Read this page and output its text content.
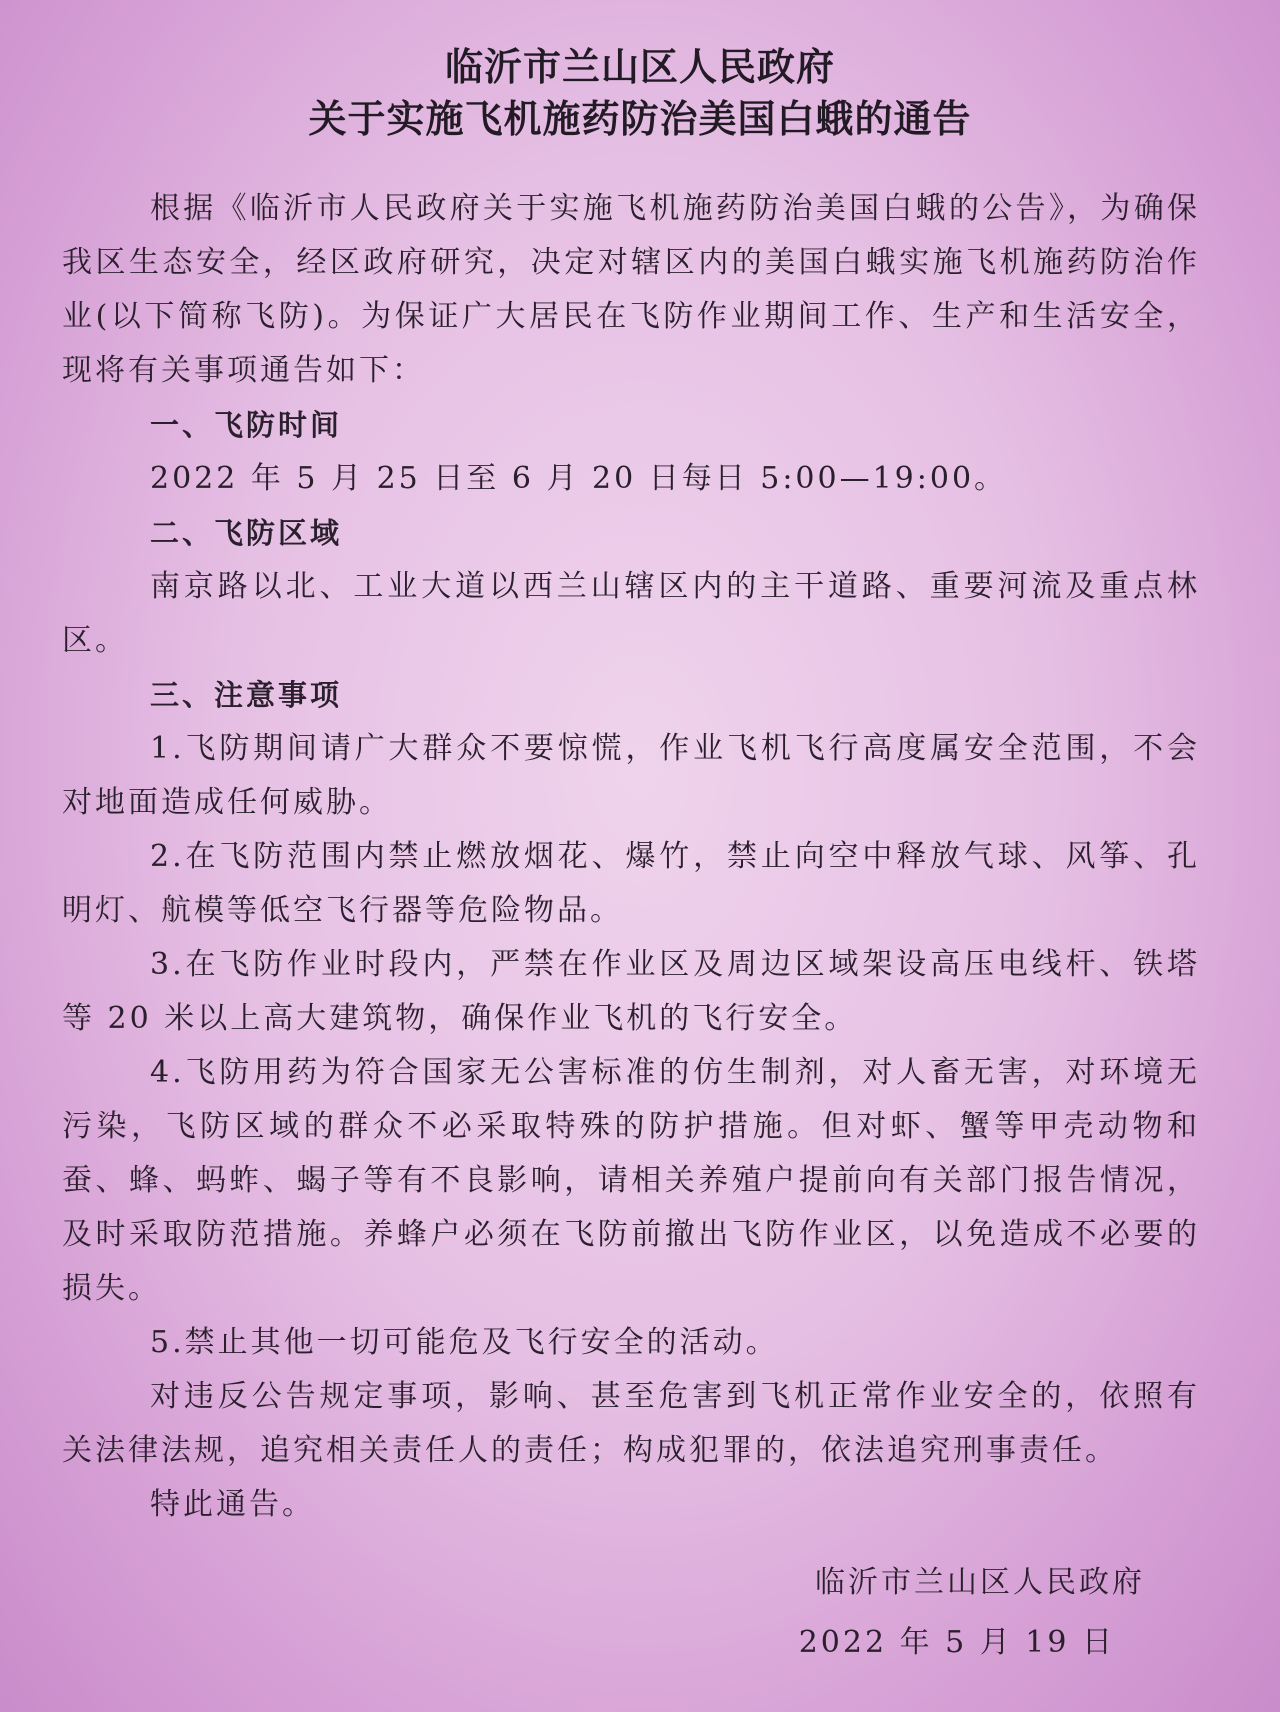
临沂市兰山区人民政府
关于实施飞机施药防治美国白蛾的通告

根据《临沂市人民政府关于实施飞机施药防治美国白蛾的公告》，为确保我区生态安全，经区政府研究，决定对辖区内的美国白蛾实施飞机施药防治作业(以下简称飞防)。为保证广大居民在飞防作业期间工作、生产和生活安全，现将有关事项通告如下：

一、飞防时间

2022 年 5 月 25 日至 6 月 20 日每日 5:00—19:00。

二、飞防区域

南京路以北、工业大道以西兰山辖区内的主干道路、重要河流及重点林区。

三、注意事项

1.飞防期间请广大群众不要惊慌，作业飞机飞行高度属安全范围，不会对地面造成任何威胁。

2.在飞防范围内禁止燃放烟花、爆竹，禁止向空中释放气球、风筝、孔明灯、航模等低空飞行器等危险物品。

3.在飞防作业时段内，严禁在作业区及周边区域架设高压电线杆、铁塔等 20 米以上高大建筑物，确保作业飞机的飞行安全。

4.飞防用药为符合国家无公害标准的仿生制剂，对人畜无害，对环境无污染，飞防区域的群众不必采取特殊的防护措施。但对虾、蟹等甲壳动物和蚕、蜂、蚂蚱、蝎子等有不良影响，请相关养殖户提前向有关部门报告情况，及时采取防范措施。养蜂户必须在飞防前撤出飞防作业区，以免造成不必要的损失。

5.禁止其他一切可能危及飞行安全的活动。

对违反公告规定事项，影响、甚至危害到飞机正常作业安全的，依照有关法律法规，追究相关责任人的责任；构成犯罪的，依法追究刑事责任。

特此通告。

临沂市兰山区人民政府
2022 年 5 月 19 日
